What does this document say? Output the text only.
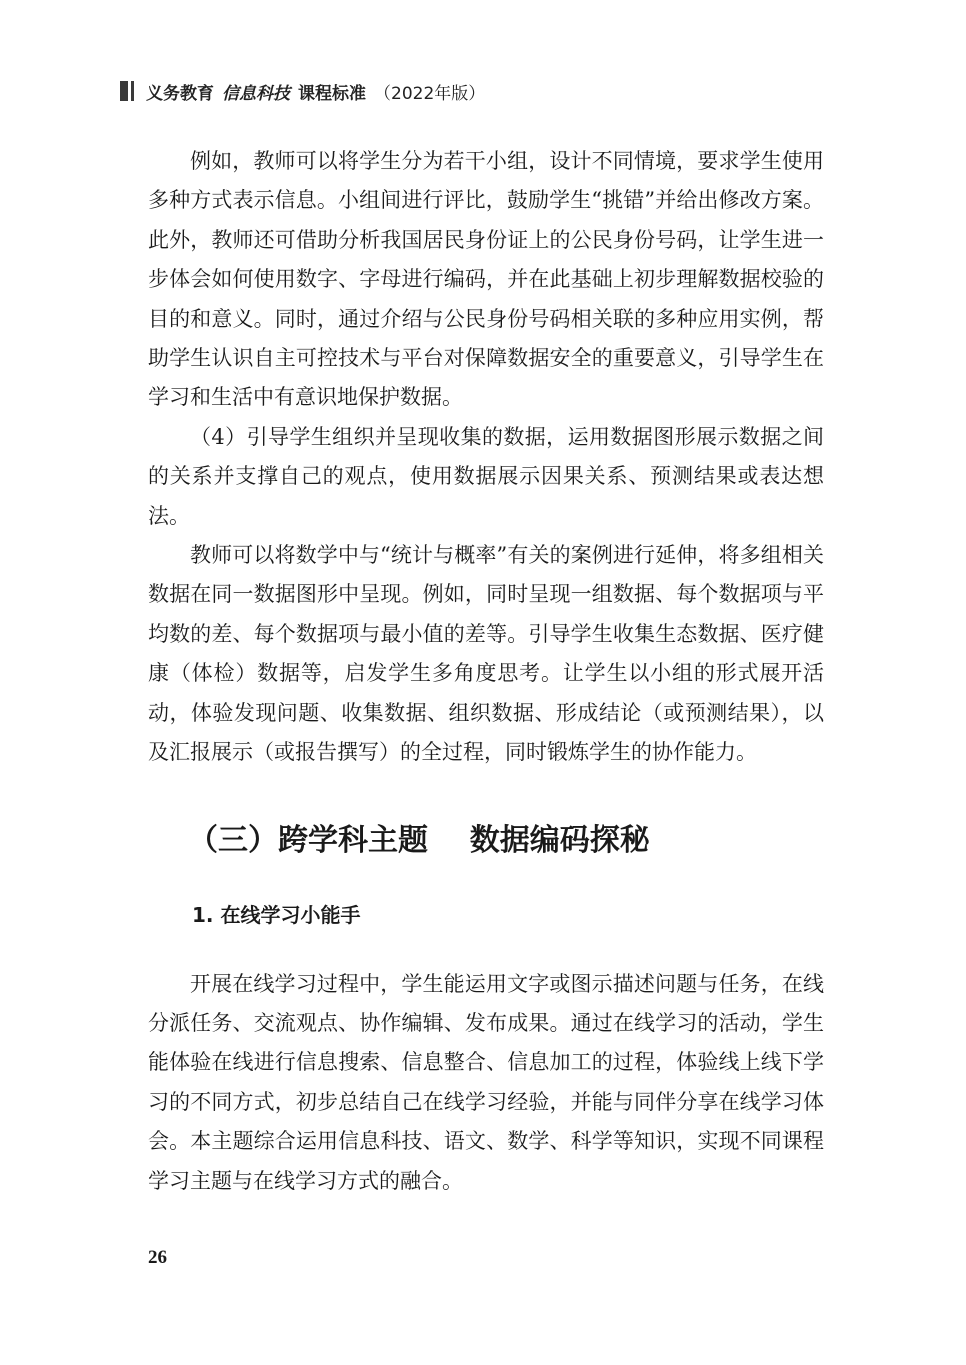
义务教育 信息科技 课程标准 （2022年版）

例如，教师可以将学生分为若干小组，设计不同情境，要求学生使用多种方式表示信息。小组间进行评比，鼓励学生“挑错”并给出修改方案。此外，教师还可借助分析我国居民身份证上的公民身份号码，让学生进一步体会如何使用数字、字母进行编码，并在此基础上初步理解数据校验的目的和意义。同时，通过介绍与公民身份号码相关联的多种应用实例，帮助学生认识自主可控技术与平台对保障数据安全的重要意义，引导学生在学习和生活中有意识地保护数据。

（4）引导学生组织并呈现收集的数据，运用数据图形展示数据之间的关系并支撑自己的观点，使用数据展示因果关系、预测结果或表达想法。

教师可以将数学中与“统计与概率”有关的案例进行延伸，将多组相关数据在同一数据图形中呈现。例如，同时呈现一组数据、每个数据项与平均数的差、每个数据项与最小值的差等。引导学生收集生态数据、医疗健康（体检）数据等，启发学生多角度思考。让学生以小组的形式展开活动，体验发现问题、收集数据、组织数据、形成结论（或预测结果），以及汇报展示（或报告撰写）的全过程，同时锻炼学生的协作能力。

（三）跨学科主题    数据编码探秘
1. 在线学习小能手

开展在线学习过程中，学生能运用文字或图示描述问题与任务，在线分派任务、交流观点、协作编辑、发布成果。通过在线学习的活动，学生能体验在线进行信息搜索、信息整合、信息加工的过程，体验线上线下学习的不同方式，初步总结自己在线学习经验，并能与同伴分享在线学习体会。本主题综合运用信息科技、语文、数学、科学等知识，实现不同课程学习主题与在线学习方式的融合。

26
